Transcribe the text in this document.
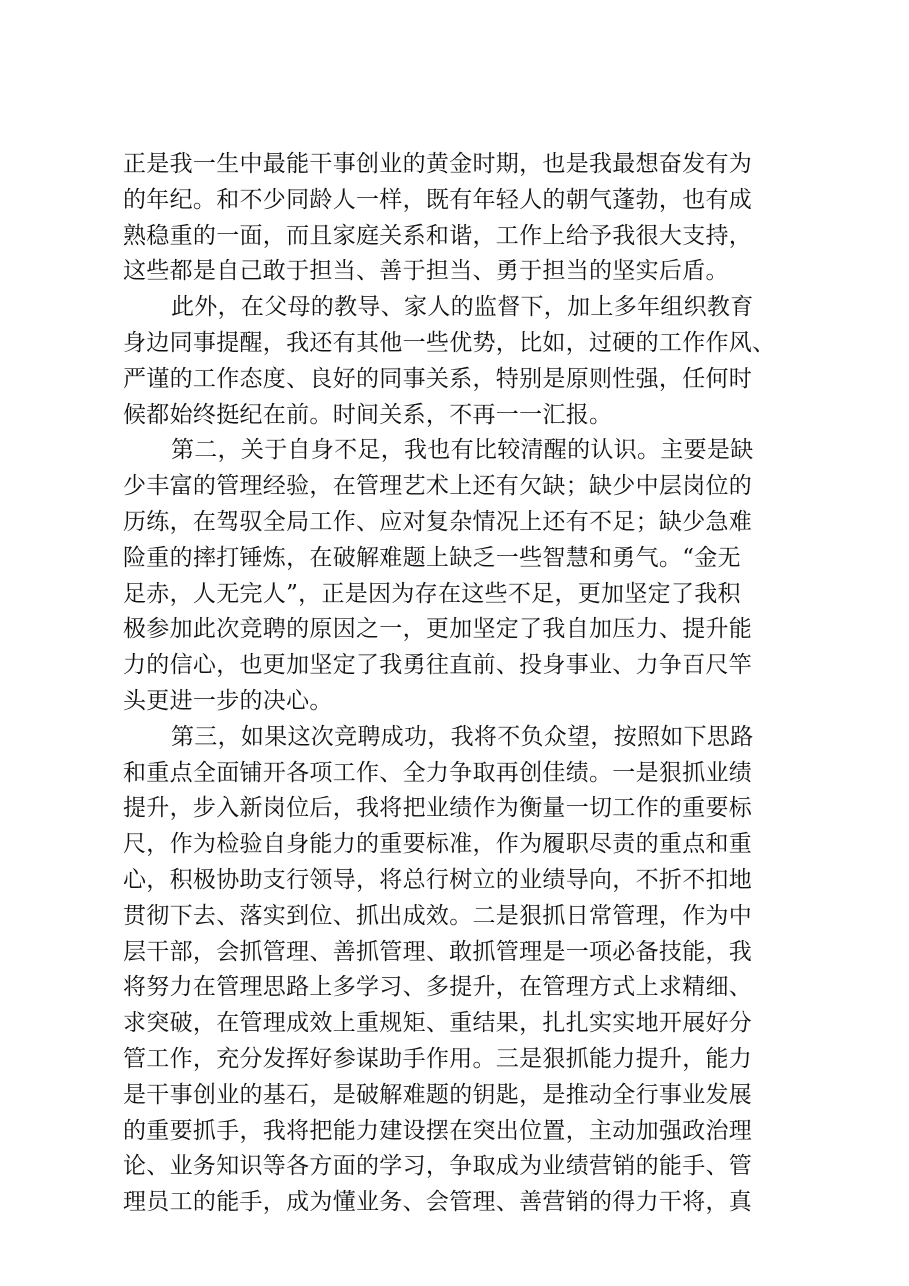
正是我一生中最能干事创业的黄金时期，也是我最想奋发有为
的年纪。和不少同龄人一样，既有年轻人的朝气蓬勃，也有成
熟稳重的一面，而且家庭关系和谐，工作上给予我很大支持，
这些都是自己敢于担当、善于担当、勇于担当的坚实后盾。
此外，在父母的教导、家人的监督下，加上多年组织教育
身边同事提醒，我还有其他一些优势，比如，过硬的工作作风、
严谨的工作态度、良好的同事关系，特别是原则性强，任何时
候都始终挺纪在前。时间关系，不再一一汇报。
第二，关于自身不足，我也有比较清醒的认识。主要是缺
少丰富的管理经验，在管理艺术上还有欠缺；缺少中层岗位的
历练，在驾驭全局工作、应对复杂情况上还有不足；缺少急难
险重的摔打锤炼，在破解难题上缺乏一些智慧和勇气。“金无
足赤，人无完人”，正是因为存在这些不足，更加坚定了我积
极参加此次竞聘的原因之一，更加坚定了我自加压力、提升能
力的信心，也更加坚定了我勇往直前、投身事业、力争百尺竿
头更进一步的决心。
第三，如果这次竞聘成功，我将不负众望，按照如下思路
和重点全面铺开各项工作、全力争取再创佳绩。一是狠抓业绩
提升，步入新岗位后，我将把业绩作为衡量一切工作的重要标
尺，作为检验自身能力的重要标准，作为履职尽责的重点和重
心，积极协助支行领导，将总行树立的业绩导向，不折不扣地
贯彻下去、落实到位、抓出成效。二是狠抓日常管理，作为中
层干部，会抓管理、善抓管理、敢抓管理是一项必备技能，我
将努力在管理思路上多学习、多提升，在管理方式上求精细、
求突破，在管理成效上重规矩、重结果，扎扎实实地开展好分
管工作，充分发挥好参谋助手作用。三是狠抓能力提升，能力
是干事创业的基石，是破解难题的钥匙，是推动全行事业发展
的重要抓手，我将把能力建设摆在突出位置，主动加强政治理
论、业务知识等各方面的学习，争取成为业绩营销的能手、管
理员工的能手，成为懂业务、会管理、善营销的得力干将，真
